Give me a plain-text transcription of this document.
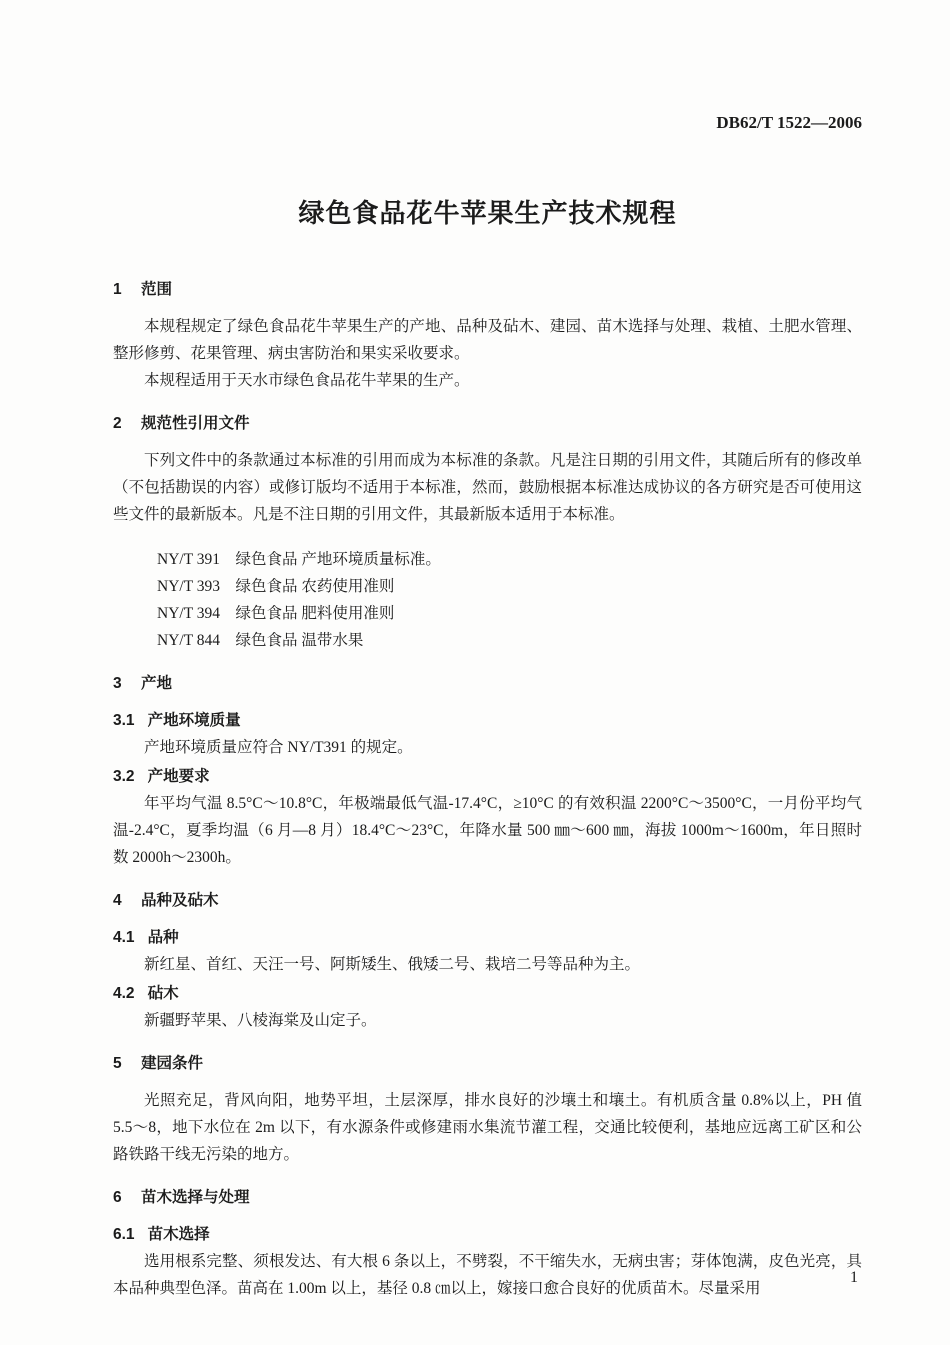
DB62/T 1522—2006
绿色食品花牛苹果生产技术规程
1 范围
本规程规定了绿色食品花牛苹果生产的产地、品种及砧木、建园、苗木选择与处理、栽植、土肥水管理、整形修剪、花果管理、病虫害防治和果实采收要求。
本规程适用于天水市绿色食品花牛苹果的生产。
2 规范性引用文件
下列文件中的条款通过本标准的引用而成为本标准的条款。凡是注日期的引用文件，其随后所有的修改单（不包括勘误的内容）或修订版均不适用于本标准，然而，鼓励根据本标准达成协议的各方研究是否可使用这些文件的最新版本。凡是不注日期的引用文件，其最新版本适用于本标准。
NY/T 391　绿色食品 产地环境质量标准。
NY/T 393　绿色食品 农药使用准则
NY/T 394　绿色食品 肥料使用准则
NY/T 844　绿色食品 温带水果
3 产地
3.1 产地环境质量
产地环境质量应符合 NY/T391 的规定。
3.2 产地要求
年平均气温 8.5°C～10.8°C，年极端最低气温-17.4°C，≥10°C 的有效积温 2200°C～3500°C，一月份平均气温-2.4°C，夏季均温（6 月—8 月）18.4°C～23°C，年降水量 500 ㎜～600 ㎜，海拔 1000m～1600m，年日照时数 2000h～2300h。
4 品种及砧木
4.1 品种
新红星、首红、天汪一号、阿斯矮生、俄矮二号、栽培二号等品种为主。
4.2 砧木
新疆野苹果、八棱海棠及山定子。
5 建园条件
光照充足，背风向阳，地势平坦，土层深厚，排水良好的沙壤土和壤土。有机质含量 0.8%以上，PH 值 5.5～8，地下水位在 2m 以下，有水源条件或修建雨水集流节灌工程，交通比较便利，基地应远离工矿区和公路铁路干线无污染的地方。
6 苗木选择与处理
6.1 苗木选择
选用根系完整、须根发达、有大根 6 条以上，不劈裂，不干缩失水，无病虫害；芽体饱满，皮色光亮，具本品种典型色泽。苗高在 1.00m 以上，基径 0.8 ㎝以上，嫁接口愈合良好的优质苗木。尽量采用
1
